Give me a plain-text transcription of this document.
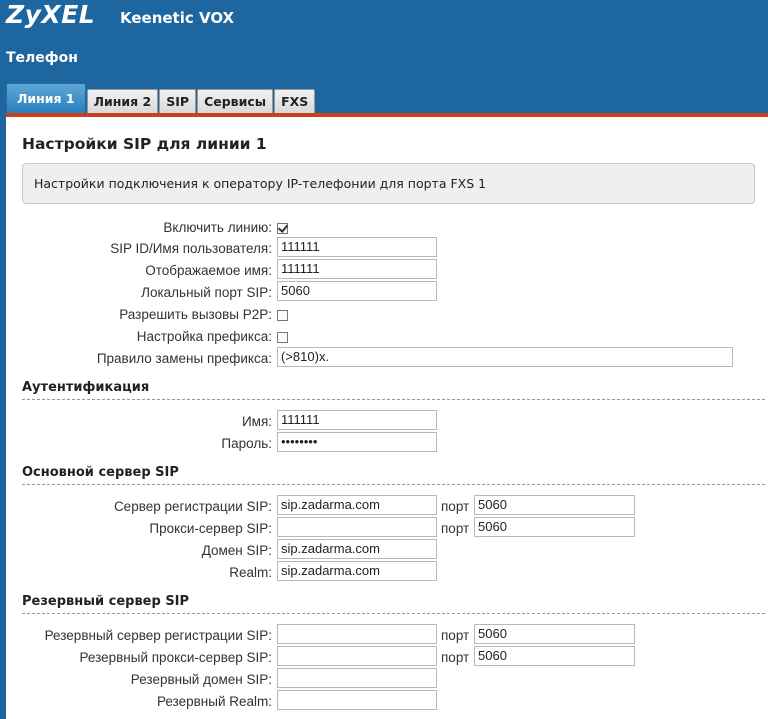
ZyXEL Keenetic VOX
Телефон
Линия 1	Линия 2	SIP	Сервисы	FXS
Настройки SIP для линии 1
Настройки подключения к оператору IP-телефонии для порта FXS 1
Включить линию:
SIP ID/Имя пользователя: 111111
Отображаемое имя: 111111
Локальный порт SIP: 5060
Разрешить вызовы P2P:
Настройка префикса:
Правило замены префикса: (>810)x.
Аутентификация
Имя: 111111
Пароль: ••••••••
Основной сервер SIP
Сервер регистрации SIP: sip.zadarma.com	порт 5060
Прокси-сервер SIP:	порт 5060
Домен SIP: sip.zadarma.com
Realm: sip.zadarma.com
Резервный сервер SIP
Резервный сервер регистрации SIP:	порт 5060
Резервный прокси-сервер SIP:	порт 5060
Резервный домен SIP:
Резервный Realm:
